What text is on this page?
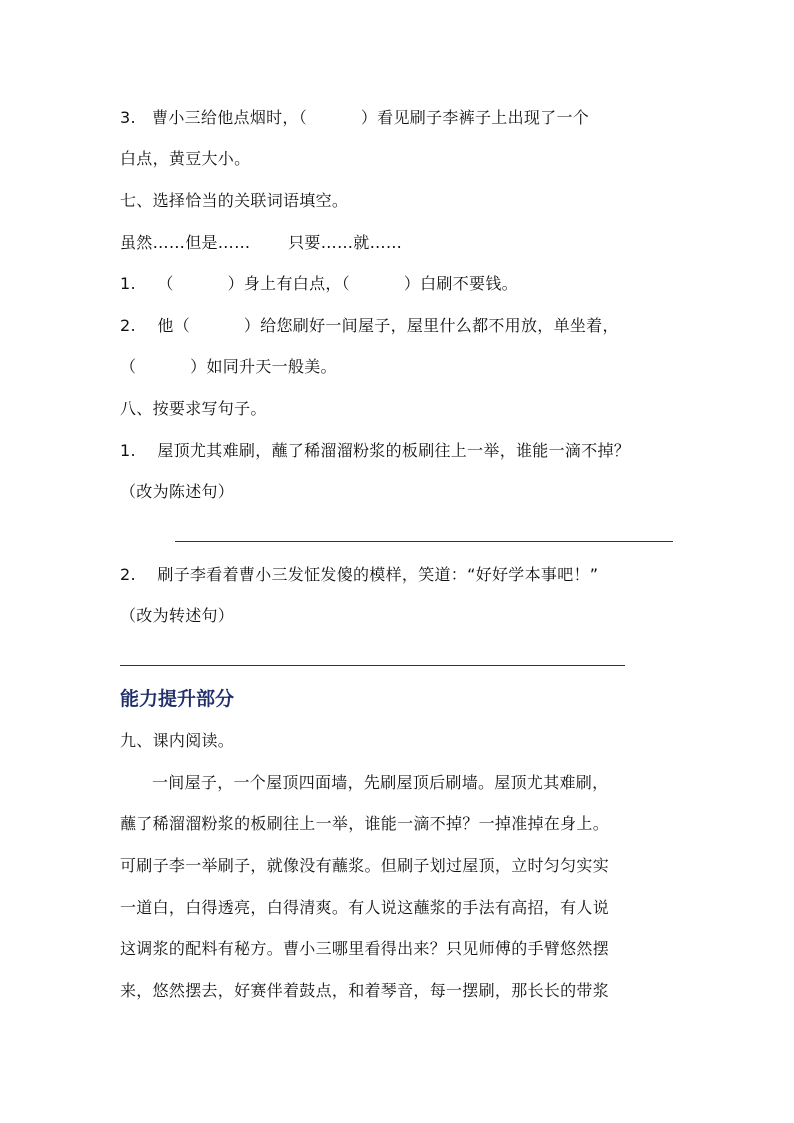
3.   曹小三给他点烟时，（          ）看见刷子李裤子上出现了一个
白点，黄豆大小。
七、选择恰当的关联词语填空。
虽然……但是……       只要……就……
1.    （          ）身上有白点，（          ）白刷不要钱。
2.    他（          ）给您刷好一间屋子，屋里什么都不用放，单坐着，
（          ）如同升天一般美。
八、按要求写句子。
1.    屋顶尤其难刷，蘸了稀溜溜粉浆的板刷往上一举，谁能一滴不掉？
（改为陈述句）
2.    刷子李看着曹小三发怔发傻的模样，笑道：“好好学本事吧！”
（改为转述句）
能力提升部分
九、课内阅读。
一间屋子，一个屋顶四面墙，先刷屋顶后刷墙。屋顶尤其难刷，
蘸了稀溜溜粉浆的板刷往上一举，谁能一滴不掉？一掉准掉在身上。
可刷子李一举刷子，就像没有蘸浆。但刷子划过屋顶，立时匀匀实实
一道白，白得透亮，白得清爽。有人说这蘸浆的手法有高招，有人说
这调浆的配料有秘方。曹小三哪里看得出来？只见师傅的手臂悠然摆
来，悠然摆去，好赛伴着鼓点，和着琴音，每一摆刷，那长长的带浆
